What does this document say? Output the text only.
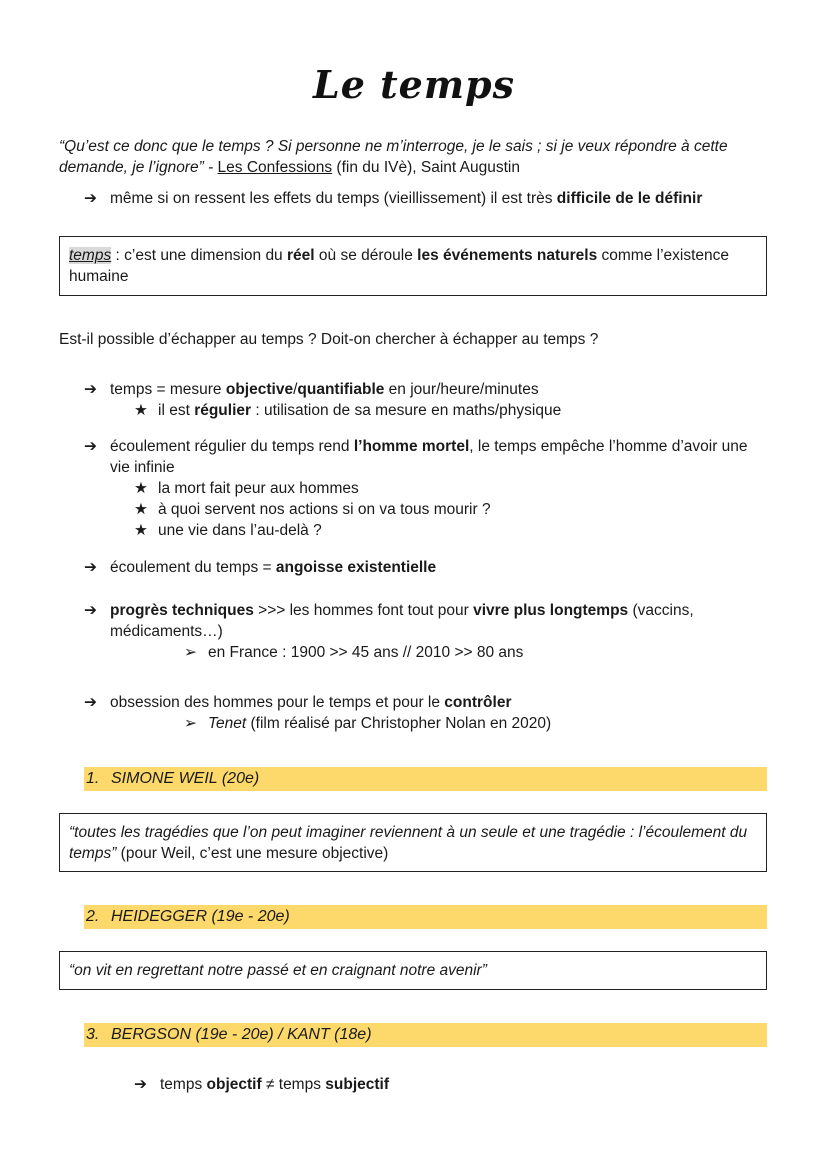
Le temps
“Qu’est ce donc que le temps ? Si personne ne m’interroge, je le sais ; si je veux répondre à cette
demande, je l’ignore” - Les Confessions (fin du IVè), Saint Augustin
➔ même si on ressent les effets du temps (vieillissement) il est très difficile de le définir
temps : c’est une dimension du réel où se déroule les événements naturels comme l’existence
humaine
Est-il possible d’échapper au temps ? Doit-on chercher à échapper au temps ?
➔ temps = mesure objective/quantifiable en jour/heure/minutes
★ il est régulier : utilisation de sa mesure en maths/physique
➔ écoulement régulier du temps rend l’homme mortel, le temps empêche l’homme d’avoir une
vie infinie
★ la mort fait peur aux hommes
★ à quoi servent nos actions si on va tous mourir ?
★ une vie dans l’au-delà ?
➔ écoulement du temps = angoisse existentielle
➔ progrès techniques >>> les hommes font tout pour vivre plus longtemps (vaccins,
médicaments…)
➢ en France : 1900 >> 45 ans // 2010 >> 80 ans
➔ obsession des hommes pour le temps et pour le contrôler
➢ Tenet (film réalisé par Christopher Nolan en 2020)
1. SIMONE WEIL (20e)
“toutes les tragédies que l’on peut imaginer reviennent à un seule et une tragédie : l’écoulement du
temps” (pour Weil, c’est une mesure objective)
2. HEIDEGGER (19e - 20e)
“on vit en regrettant notre passé et en craignant notre avenir”
3. BERGSON (19e - 20e) / KANT (18e)
➔ temps objectif ≠ temps subjectif
